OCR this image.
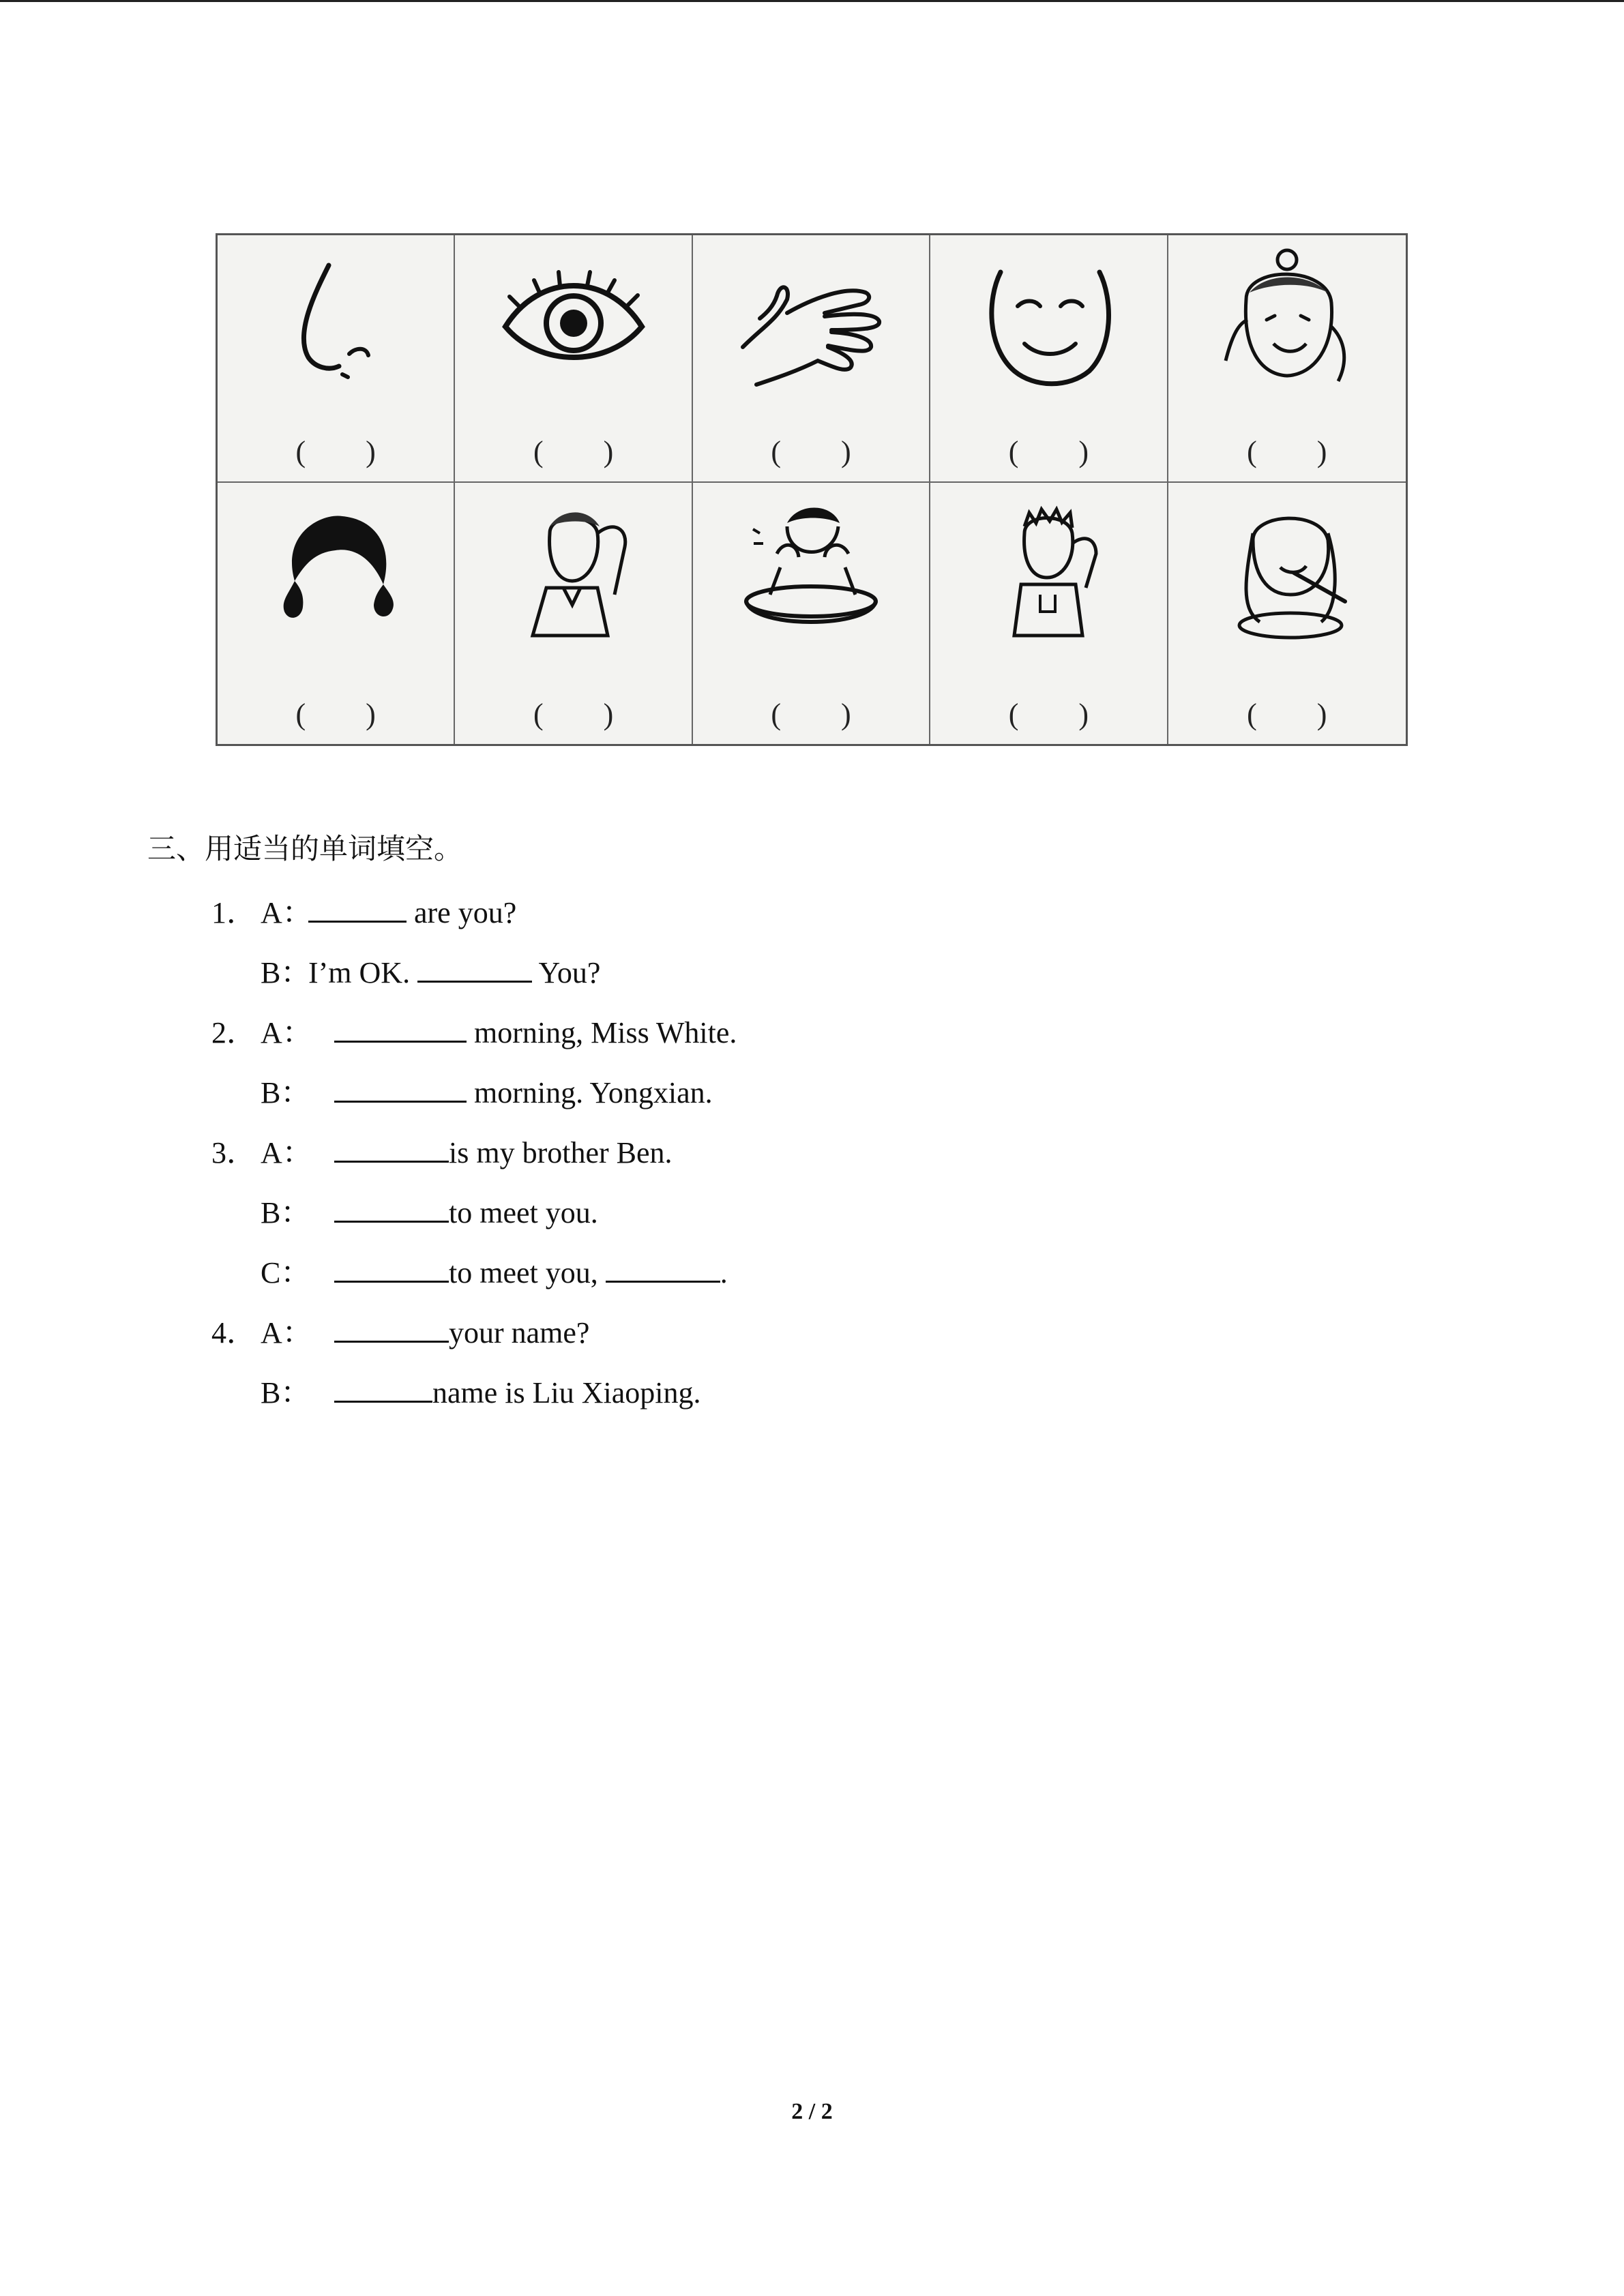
(        )	(        )	(        )	(        )	(        )
(        )	(        )	(        )	(        )	(        )
三、用适当的单词填空。
1． A：	are you?
B：I’m OK.	You?
2． A：	morning, Miss White.
B：	morning. Yongxian.
3． A：	is my brother Ben.
B：	to meet you.
C：	to meet you,	.
4． A：	your name?
B：	name is Liu Xiaoping.
2 / 2
